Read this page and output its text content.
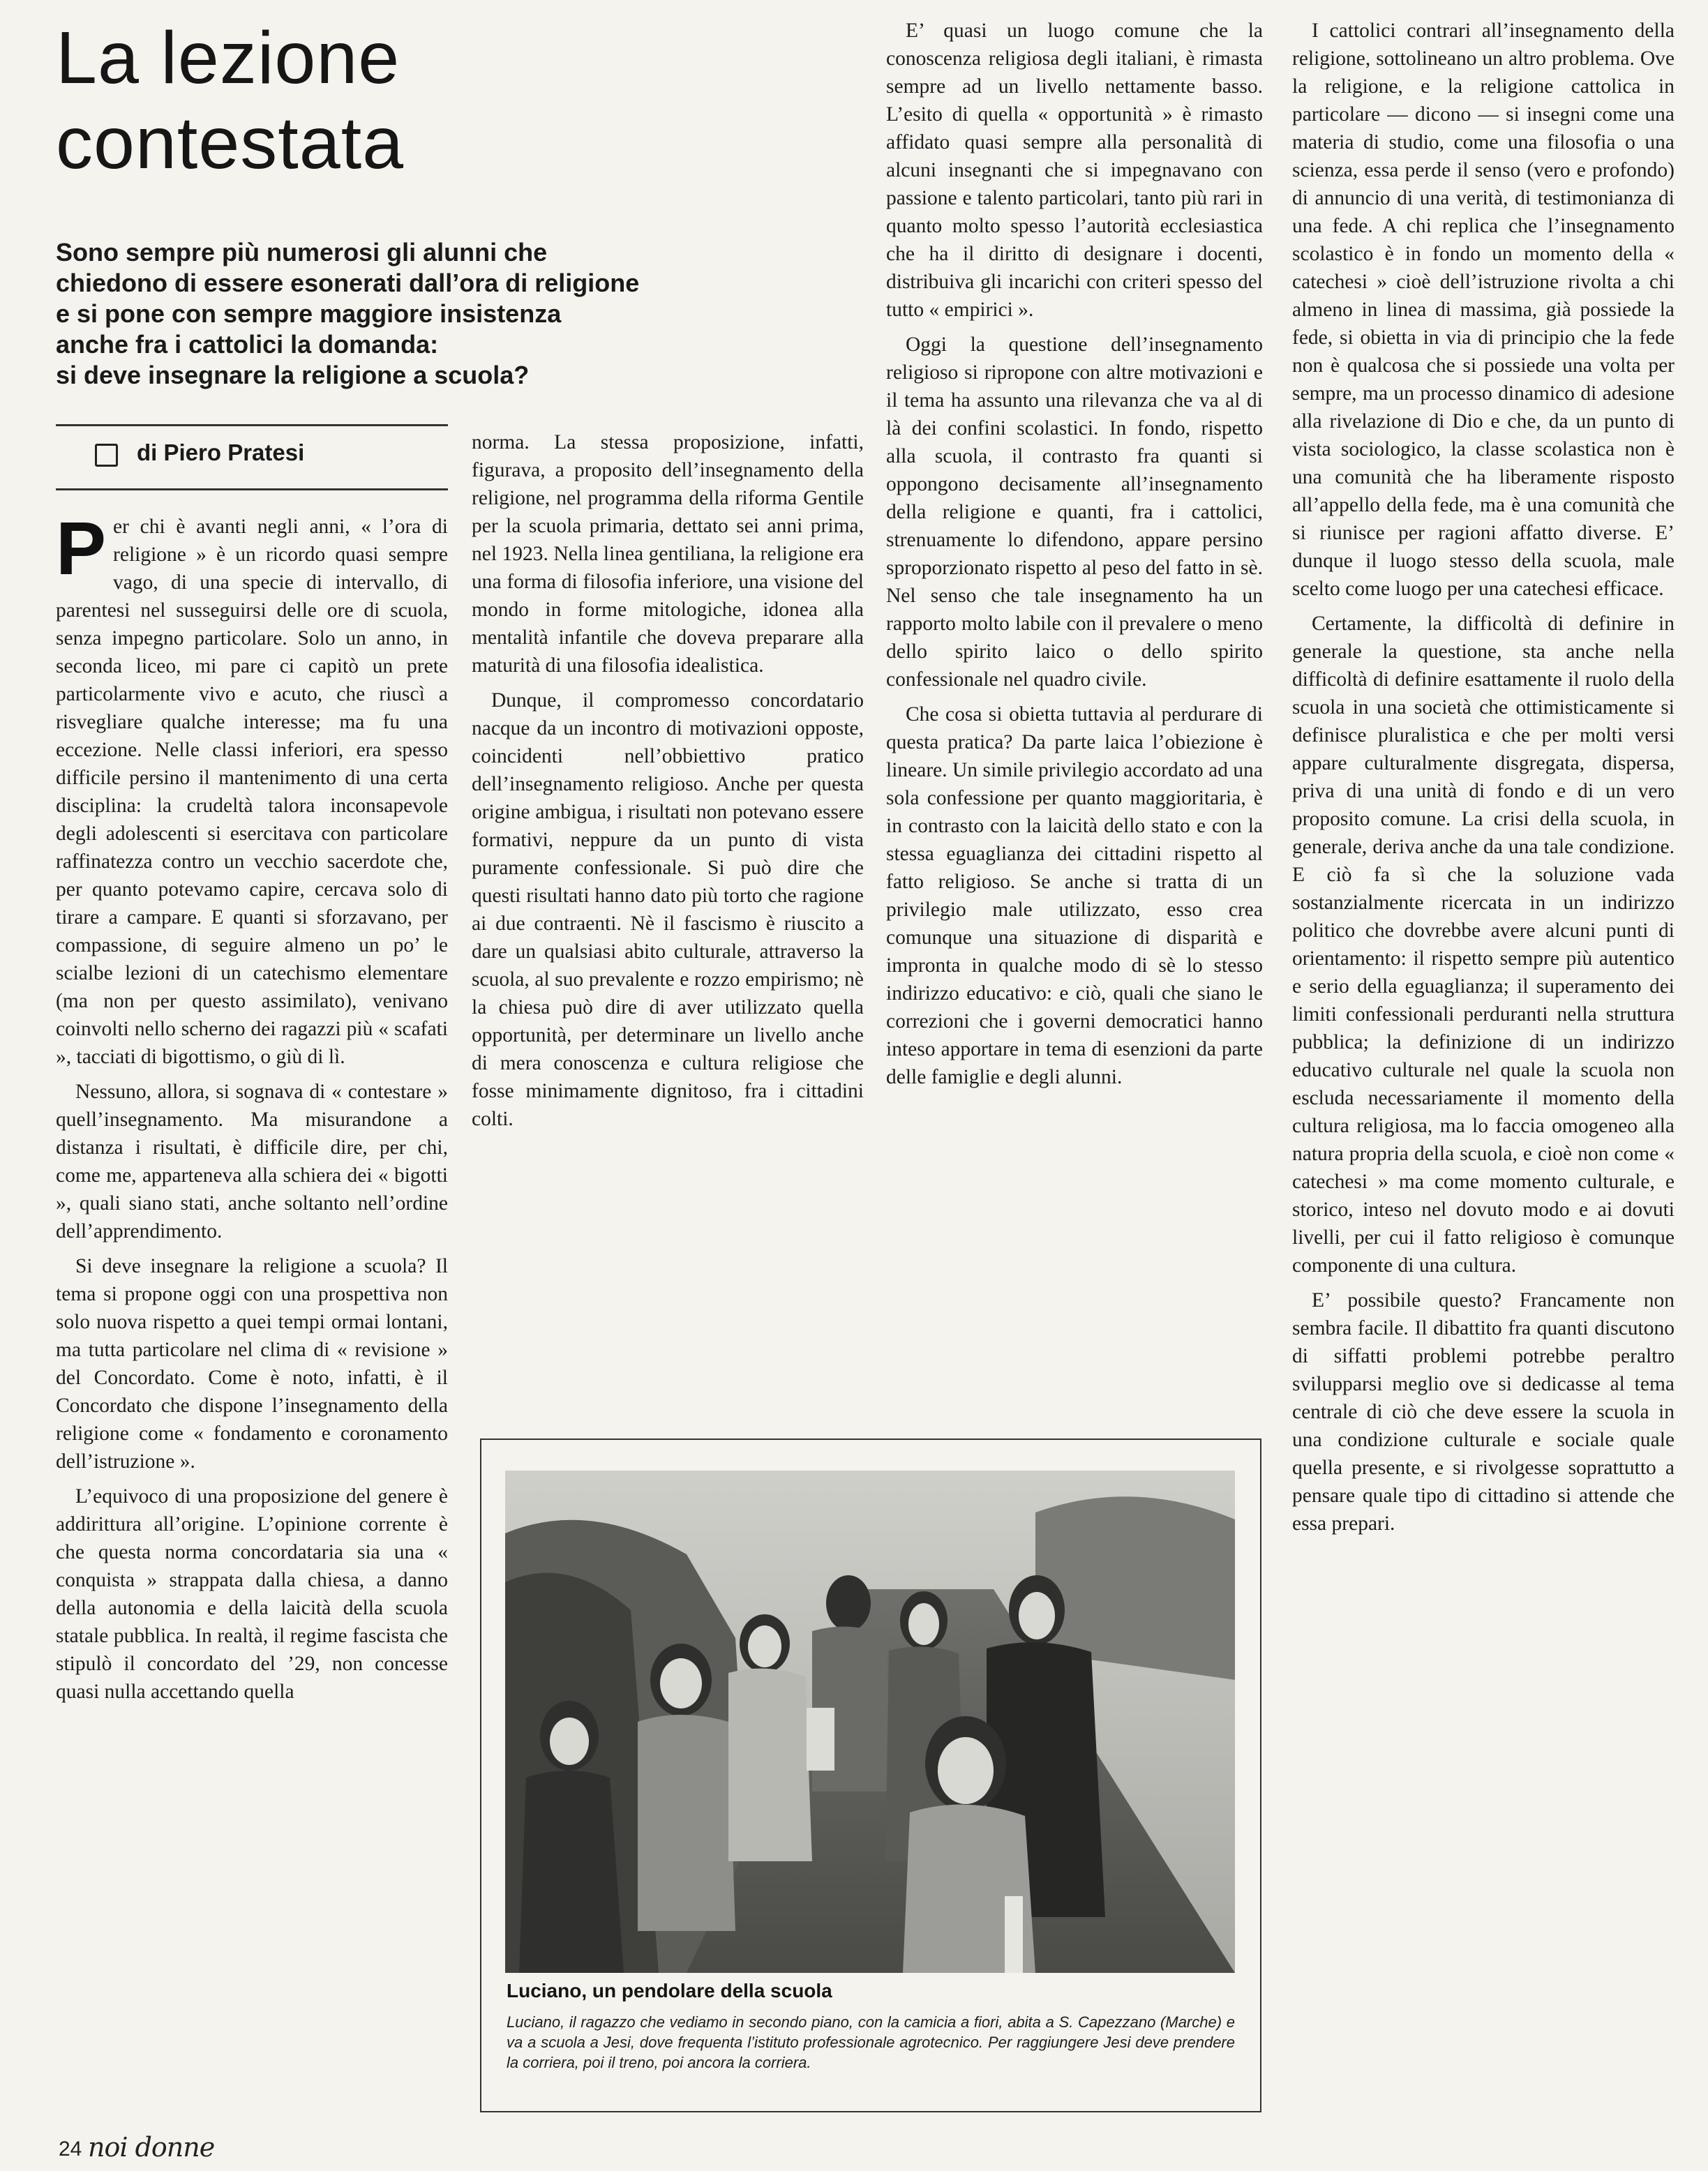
La lezione
contestata
Sono sempre più numerosi gli alunni che
chiedono di essere esonerati dall’ora di religione
e si pone con sempre maggiore insistenza
anche fra i cattolici la domanda:
si deve insegnare la religione a scuola?
di Piero Pratesi

Per chi è avanti negli anni, « l’ora di religione » è un ricordo quasi sempre vago, di una specie di intervallo, di parentesi nel susseguirsi delle ore di scuola, senza impegno particolare. Solo un anno, in seconda liceo, mi pare ci capitò un prete particolarmente vivo e acuto, che riuscì a risvegliare qualche interesse; ma fu una eccezione. Nelle classi inferiori, era spesso difficile persino il mantenimento di una certa disciplina: la crudeltà talora inconsapevole degli adolescenti si esercitava con particolare raffinatezza contro un vecchio sacerdote che, per quanto potevamo capire, cercava solo di tirare a campare. E quanti si sforzavano, per compassione, di seguire almeno un po’ le scialbe lezioni di un catechismo elementare (ma non per questo assimilato), venivano coinvolti nello scherno dei ragazzi più « scafati », tacciati di bigottismo, o giù di lì.

Nessuno, allora, si sognava di « contestare » quell’insegnamento. Ma misurandone a distanza i risultati, è difficile dire, per chi, come me, apparteneva alla schiera dei « bigotti », quali siano stati, anche soltanto nell’ordine dell’apprendimento.

Si deve insegnare la religione a scuola? Il tema si propone oggi con una prospettiva non solo nuova rispetto a quei tempi ormai lontani, ma tutta particolare nel clima di « revisione » del Concordato. Come è noto, infatti, è il Concordato che dispone l’insegnamento della religione come « fondamento e coronamento dell’istruzione ».

L’equivoco di una proposizione del genere è addirittura all’origine. L’opinione corrente è che questa norma concordataria sia una « conquista » strappata dalla chiesa, a danno della autonomia e della laicità della scuola statale pubblica. In realtà, il regime fascista che stipulò il concordato del ’29, non concesse quasi nulla accettando quella

norma. La stessa proposizione, infatti, figurava, a proposito dell’insegnamento della religione, nel programma della riforma Gentile per la scuola primaria, dettato sei anni prima, nel 1923. Nella linea gentiliana, la religione era una forma di filosofia inferiore, una visione del mondo in forme mitologiche, idonea alla mentalità infantile che doveva preparare alla maturità di una filosofia idealistica.

Dunque, il compromesso concordatario nacque da un incontro di motivazioni opposte, coincidenti nell’obbiettivo pratico dell’insegnamento religioso. Anche per questa origine ambigua, i risultati non potevano essere formativi, neppure da un punto di vista puramente confessionale. Si può dire che questi risultati hanno dato più torto che ragione ai due contraenti. Nè il fascismo è riuscito a dare un qualsiasi abito culturale, attraverso la scuola, al suo prevalente e rozzo empirismo; nè la chiesa può dire di aver utilizzato quella opportunità, per determinare un livello anche di mera conoscenza e cultura religiose che fosse minimamente dignitoso, fra i cittadini colti.

E’ quasi un luogo comune che la conoscenza religiosa degli italiani, è rimasta sempre ad un livello nettamente basso. L’esito di quella « opportunità » è rimasto affidato quasi sempre alla personalità di alcuni insegnanti che si impegnavano con passione e talento particolari, tanto più rari in quanto molto spesso l’autorità ecclesiastica che ha il diritto di designare i docenti, distribuiva gli incarichi con criteri spesso del tutto « empirici ».

Oggi la questione dell’insegnamento religioso si ripropone con altre motivazioni e il tema ha assunto una rilevanza che va al di là dei confini scolastici. In fondo, rispetto alla scuola, il contrasto fra quanti si oppongono decisamente all’insegnamento della religione e quanti, fra i cattolici, strenuamente lo difendono, appare persino sproporzionato rispetto al peso del fatto in sè. Nel senso che tale insegnamento ha un rapporto molto labile con il prevalere o meno dello spirito laico o dello spirito confessionale nel quadro civile.

Che cosa si obietta tuttavia al perdurare di questa pratica? Da parte laica l’obiezione è lineare. Un simile privilegio accordato ad una sola confessione per quanto maggioritaria, è in contrasto con la laicità dello stato e con la stessa eguaglianza dei cittadini rispetto al fatto religioso. Se anche si tratta di un privilegio male utilizzato, esso crea comunque una situazione di disparità e impronta in qualche modo di sè lo stesso indirizzo educativo: e ciò, quali che siano le correzioni che i governi democratici hanno inteso apportare in tema di esenzioni da parte delle famiglie e degli alunni.

I cattolici contrari all’insegnamento della religione, sottolineano un altro problema. Ove la religione, e la religione cattolica in particolare — dicono — si insegni come una materia di studio, come una filosofia o una scienza, essa perde il senso (vero e profondo) di annuncio di una verità, di testimonianza di una fede. A chi replica che l’insegnamento scolastico è in fondo un momento della « catechesi » cioè dell’istruzione rivolta a chi almeno in linea di massima, già possiede la fede, si obietta in via di principio che la fede non è qualcosa che si possiede una volta per sempre, ma un processo dinamico di adesione alla rivelazione di Dio e che, da un punto di vista sociologico, la classe scolastica non è una comunità che ha liberamente risposto all’appello della fede, ma è una comunità che si riunisce per ragioni affatto diverse. E’ dunque il luogo stesso della scuola, male scelto come luogo per una catechesi efficace.

Certamente, la difficoltà di definire in generale la questione, sta anche nella difficoltà di definire esattamente il ruolo della scuola in una società che ottimisticamente si definisce pluralistica e che per molti versi appare culturalmente disgregata, dispersa, priva di una unità di fondo e di un vero proposito comune. La crisi della scuola, in generale, deriva anche da una tale condizione. E ciò fa sì che la soluzione vada sostanzialmente ricercata in un indirizzo politico che dovrebbe avere alcuni punti di orientamento: il rispetto sempre più autentico e serio della eguaglianza; il superamento dei limiti confessionali perduranti nella struttura pubblica; la definizione di un indirizzo educativo culturale nel quale la scuola non escluda necessariamente il momento della cultura religiosa, ma lo faccia omogeneo alla natura propria della scuola, e cioè non come « catechesi » ma come momento culturale, e storico, inteso nel dovuto modo e ai dovuti livelli, per cui il fatto religioso è comunque componente di una cultura.

E’ possibile questo? Francamente non sembra facile. Il dibattito fra quanti discutono di siffatti problemi potrebbe peraltro svilupparsi meglio ove si dedicasse al tema centrale di ciò che deve essere la scuola in una condizione culturale e sociale quale quella presente, e si rivolgesse soprattutto a pensare quale tipo di cittadino si attende che essa prepari.

Luciano, un pendolare della scuola
Luciano, il ragazzo che vediamo in secondo piano, con la camicia a fiori, abita a S. Capezzano (Marche) e va a scuola a Jesi, dove frequenta l’istituto professionale agrotecnico. Per raggiungere Jesi deve prendere la corriera, poi il treno, poi ancora la corriera.
24 noi donne
